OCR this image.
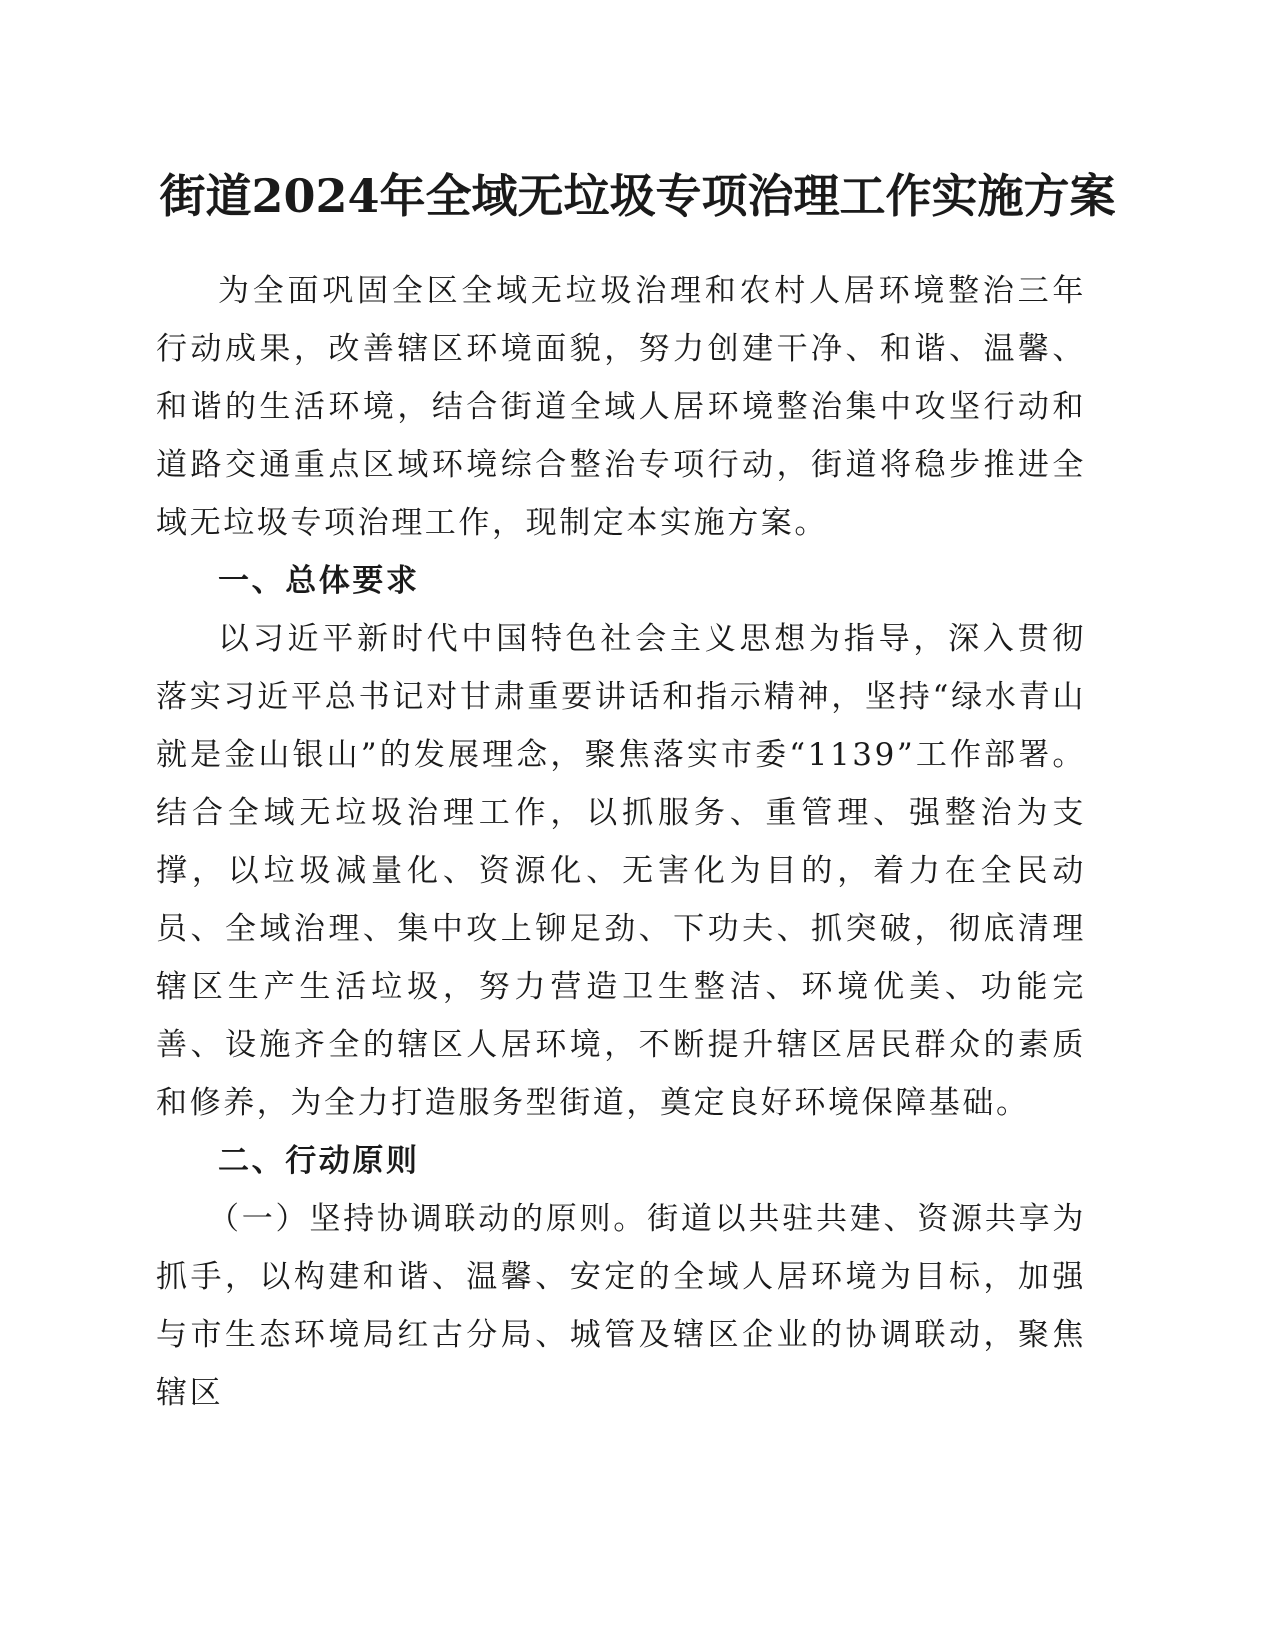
街道2024年全域无垃圾专项治理工作实施方案

为全面巩固全区全域无垃圾治理和农村人居环境整治三年行动成果，改善辖区环境面貌，努力创建干净、和谐、温馨、和谐的生活环境，结合街道全域人居环境整治集中攻坚行动和道路交通重点区域环境综合整治专项行动，街道将稳步推进全域无垃圾专项治理工作，现制定本实施方案。

一、总体要求

以习近平新时代中国特色社会主义思想为指导，深入贯彻落实习近平总书记对甘肃重要讲话和指示精神，坚持“绿水青山就是金山银山”的发展理念，聚焦落实市委“1139”工作部署。结合全域无垃圾治理工作，以抓服务、重管理、强整治为支撑，以垃圾减量化、资源化、无害化为目的，着力在全民动员、全域治理、集中攻上铆足劲、下功夫、抓突破，彻底清理辖区生产生活垃圾，努力营造卫生整洁、环境优美、功能完善、设施齐全的辖区人居环境，不断提升辖区居民群众的素质和修养，为全力打造服务型街道，奠定良好环境保障基础。

二、行动原则

（一）坚持协调联动的原则。街道以共驻共建、资源共享为抓手，以构建和谐、温馨、安定的全域人居环境为目标，加强与市生态环境局红古分局、城管及辖区企业的协调联动，聚焦辖区
